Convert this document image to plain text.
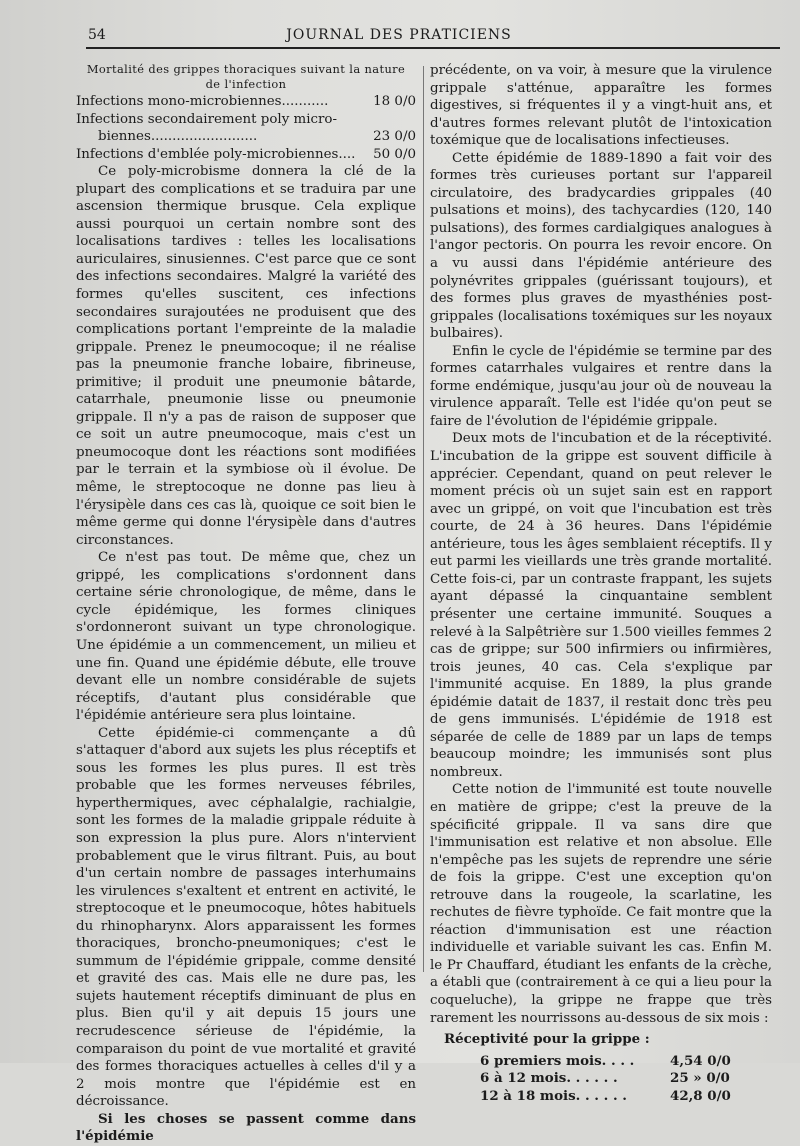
54	JOURNAL DES PRATICIENS
Mortalité des grippes thoraciques suivant la nature
de l'infection
Infections mono-microbiennes...........	18 0/0
Infections secondairement poly micro-
biennes.........................	23 0/0
Infections d'emblée poly-microbiennes.... 50 0/0

Ce poly-microbisme donnera la clé de la plupart des complications et se traduira par une ascension thermique brusque. Cela explique aussi pourquoi un certain nombre sont des localisations tardives : telles les localisations auriculaires, sinusiennes. C'est parce que ce sont des infections secondaires. Malgré la variété des formes qu'elles suscitent, ces infections secondaires surajoutées ne produisent que des complications portant l'empreinte de la maladie grippale. Prenez le pneumocoque; il ne réalise pas la pneumonie franche lobaire, fibrineuse, primitive; il produit une pneumonie bâtarde, catarrhale, pneumonie lisse ou pneumonie grippale. Il n'y a pas de raison de supposer que ce soit un autre pneumocoque, mais c'est un pneumocoque dont les réactions sont modifiées par le terrain et la symbiose où il évolue. De même, le streptocoque ne donne pas lieu à l'érysipèle dans ces cas là, quoique ce soit bien le même germe qui donne l'érysipèle dans d'autres circonstances.

Ce n'est pas tout. De même que, chez un grippé, les complications s'ordonnent dans certaine série chronologique, de même, dans le cycle épidémique, les formes cliniques s'ordonneront suivant un type chronologique. Une épidémie a un commencement, un milieu et une fin. Quand une épidémie débute, elle trouve devant elle un nombre considérable de sujets réceptifs, d'autant plus considérable que l'épidémie antérieure sera plus lointaine.

Cette épidémie-ci commençante a dû s'attaquer d'abord aux sujets les plus réceptifs et sous les formes les plus pures. Il est très probable que les formes nerveuses fébriles, hyperthermiques, avec céphalalgie, rachialgie, sont les formes de la maladie grippale réduite à son expression la plus pure. Alors n'intervient probablement que le virus filtrant. Puis, au bout d'un certain nombre de passages interhumains les virulences s'exaltent et entrent en activité, le streptocoque et le pneumocoque, hôtes habituels du rhinopharynx. Alors apparaissent les formes thoraciques, broncho-pneumoniques; c'est le summum de l'épidémie grippale, comme densité et gravité des cas. Mais elle ne dure pas, les sujets hautement réceptifs diminuant de plus en plus. Bien qu'il y ait depuis 15 jours une recrudescence sérieuse de l'épidémie, la comparaison du point de vue mortalité et gravité des formes thoraciques actuelles à celles d'il y a 2 mois montre que l'épidémie est en décroissance.

Si les choses se passent comme dans l'épidémie

précédente, on va voir, à mesure que la virulence grippale s'atténue, apparaître les formes digestives, si fréquentes il y a vingt-huit ans, et d'autres formes relevant plutôt de l'intoxication toxémique que de localisations infectieuses.

Cette épidémie de 1889-1890 a fait voir des formes très curieuses portant sur l'appareil circulatoire, des bradycardies grippales (40 pulsations et moins), des tachycardies (120, 140 pulsations), des formes cardialgiques analogues à l'angor pectoris. On pourra les revoir encore. On a vu aussi dans l'épidémie antérieure des polynévrites grippales (guérissant toujours), et des formes plus graves de myasthénies post-grippales (localisations toxémiques sur les noyaux bulbaires).

Enfin le cycle de l'épidémie se termine par des formes catarrhales vulgaires et rentre dans la forme endémique, jusqu'au jour où de nouveau la virulence apparaît. Telle est l'idée qu'on peut se faire de l'évolution de l'épidémie grippale.

Deux mots de l'incubation et de la réceptivité. L'incubation de la grippe est souvent difficile à apprécier. Cependant, quand on peut relever le moment précis où un sujet sain est en rapport avec un grippé, on voit que l'incubation est très courte, de 24 à 36 heures. Dans l'épidémie antérieure, tous les âges semblaient réceptifs. Il y eut parmi les vieillards une très grande mortalité. Cette fois-ci, par un contraste frappant, les sujets ayant dépassé la cinquantaine semblent présenter une certaine immunité. Souques a relevé à la Salpêtrière sur 1.500 vieilles femmes 2 cas de grippe; sur 500 infirmiers ou infirmières, trois jeunes, 40 cas. Cela s'explique par l'immunité acquise. En 1889, la plus grande épidémie datait de 1837, il restait donc très peu de gens immunisés. L'épidémie de 1918 est séparée de celle de 1889 par un laps de temps beaucoup moindre; les immunisés sont plus nombreux.

Cette notion de l'immunité est toute nouvelle en matière de grippe; c'est la preuve de la spécificité grippale. Il va sans dire que l'immunisation est relative et non absolue. Elle n'empêche pas les sujets de reprendre une série de fois la grippe. C'est une exception qu'on retrouve dans la rougeole, la scarlatine, les rechutes de fièvre typhoïde. Ce fait montre que la réaction d'immunisation est une réaction individuelle et variable suivant les cas. Enfin M. le Pr Chauffard, étudiant les enfants de la crèche, a établi que (contrairement à ce qui a lieu pour la coqueluche), la grippe ne frappe que très rarement les nourrissons au-dessous de six mois :

Réceptivité pour la grippe :
6 premiers mois. . . .	4,54 0/0
6 à 12 mois. . . . . .	25 » 0/0
12 à 18 mois. . . . . .	42,8 0/0
